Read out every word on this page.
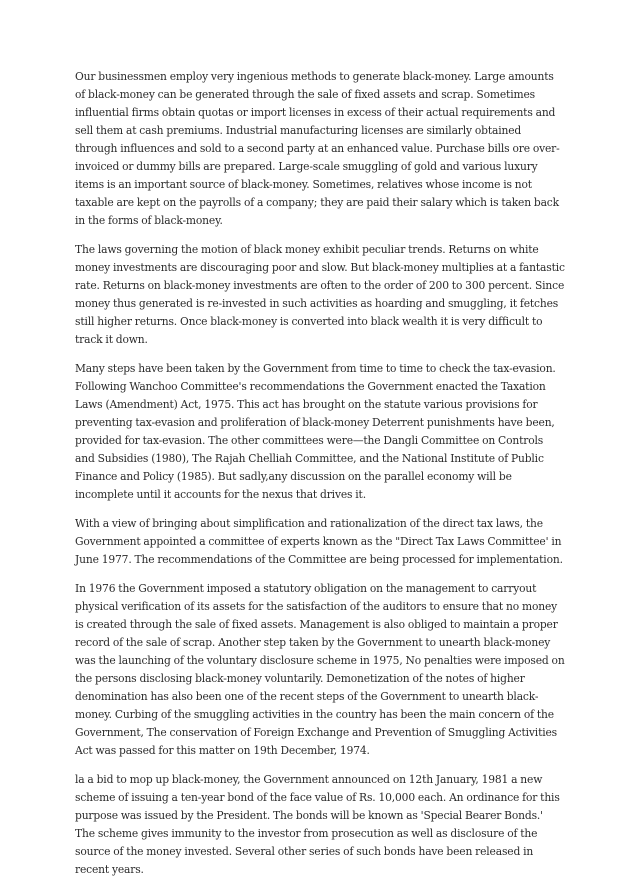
Our businessmen employ very ingenious methods to generate black-money. Large amounts of black-money can be generated through the sale of fixed assets and scrap. Sometimes influential firms obtain quotas or import licenses in excess of their actual requirements and sell them at cash premiums. Industrial manufacturing licenses are similarly obtained through influences and sold to a second party at an enhanced value. Purchase bills ore over-invoiced or dummy bills are prepared. Large-scale smuggling of gold and various luxury items is an important source of black-money. Sometimes, relatives whose income is not taxable are kept on the payrolls of a company; they are paid their salary which is taken back in the forms of black-money.

The laws governing the motion of black money exhibit peculiar trends. Returns on white money investments are discouraging poor and slow. But black-money multiplies at a fantastic rate. Returns on black-money investments are often to the order of 200 to 300 percent. Since money thus generated is re-invested in such activities as hoarding and smuggling, it fetches still higher returns. Once black-money is converted into black wealth it is very difficult to track it down.

Many steps have been taken by the Government from time to time to check the tax-evasion. Following Wanchoo Committee's recommendations the Government enacted the Taxation Laws (Amendment) Act, 1975. This act has brought on the statute various provisions for preventing tax-evasion and proliferation of black-money Deterrent punishments have been, provided for tax-evasion. The other committees were—the Dangli Committee on Controls and Subsidies (1980), The Rajah Chelliah Committee, and the National Institute of Public Finance and Policy (1985). But sadly,any discussion on the parallel economy will be incomplete until it accounts for the nexus that drives it.

With a view of bringing about simplification and rationalization of the direct tax laws, the Government appointed a committee of experts known as the "Direct Tax Laws Committee' in June 1977. The recommendations of the Committee are being processed for implementation.

In 1976 the Government imposed a statutory obligation on the management to carryout physical verification of its assets for the satisfaction of the auditors to ensure that no money is created through the sale of fixed assets. Management is also obliged to maintain a proper record of the sale of scrap. Another step taken by the Government to unearth black-money was the launching of the voluntary disclosure scheme in 1975, No penalties were imposed on the persons disclosing black-money voluntarily. Demonetization of the notes of higher denomination has also been one of the recent steps of the Government to unearth black-money. Curbing of the smuggling activities in the country has been the main concern of the Government, The conservation of Foreign Exchange and Prevention of Smuggling Activities Act was passed for this matter on 19th December, 1974.

la a bid to mop up black-money, the Government announced on 12th January, 1981 a new scheme of issuing a ten-year bond of the face value of Rs. 10,000 each. An ordinance for this purpose was issued by the President. The bonds will be known as 'Special Bearer Bonds.' The scheme gives immunity to the investor from prosecution as well as disclosure of the source of the money invested. Several other series of such bonds have been released in recent years.
